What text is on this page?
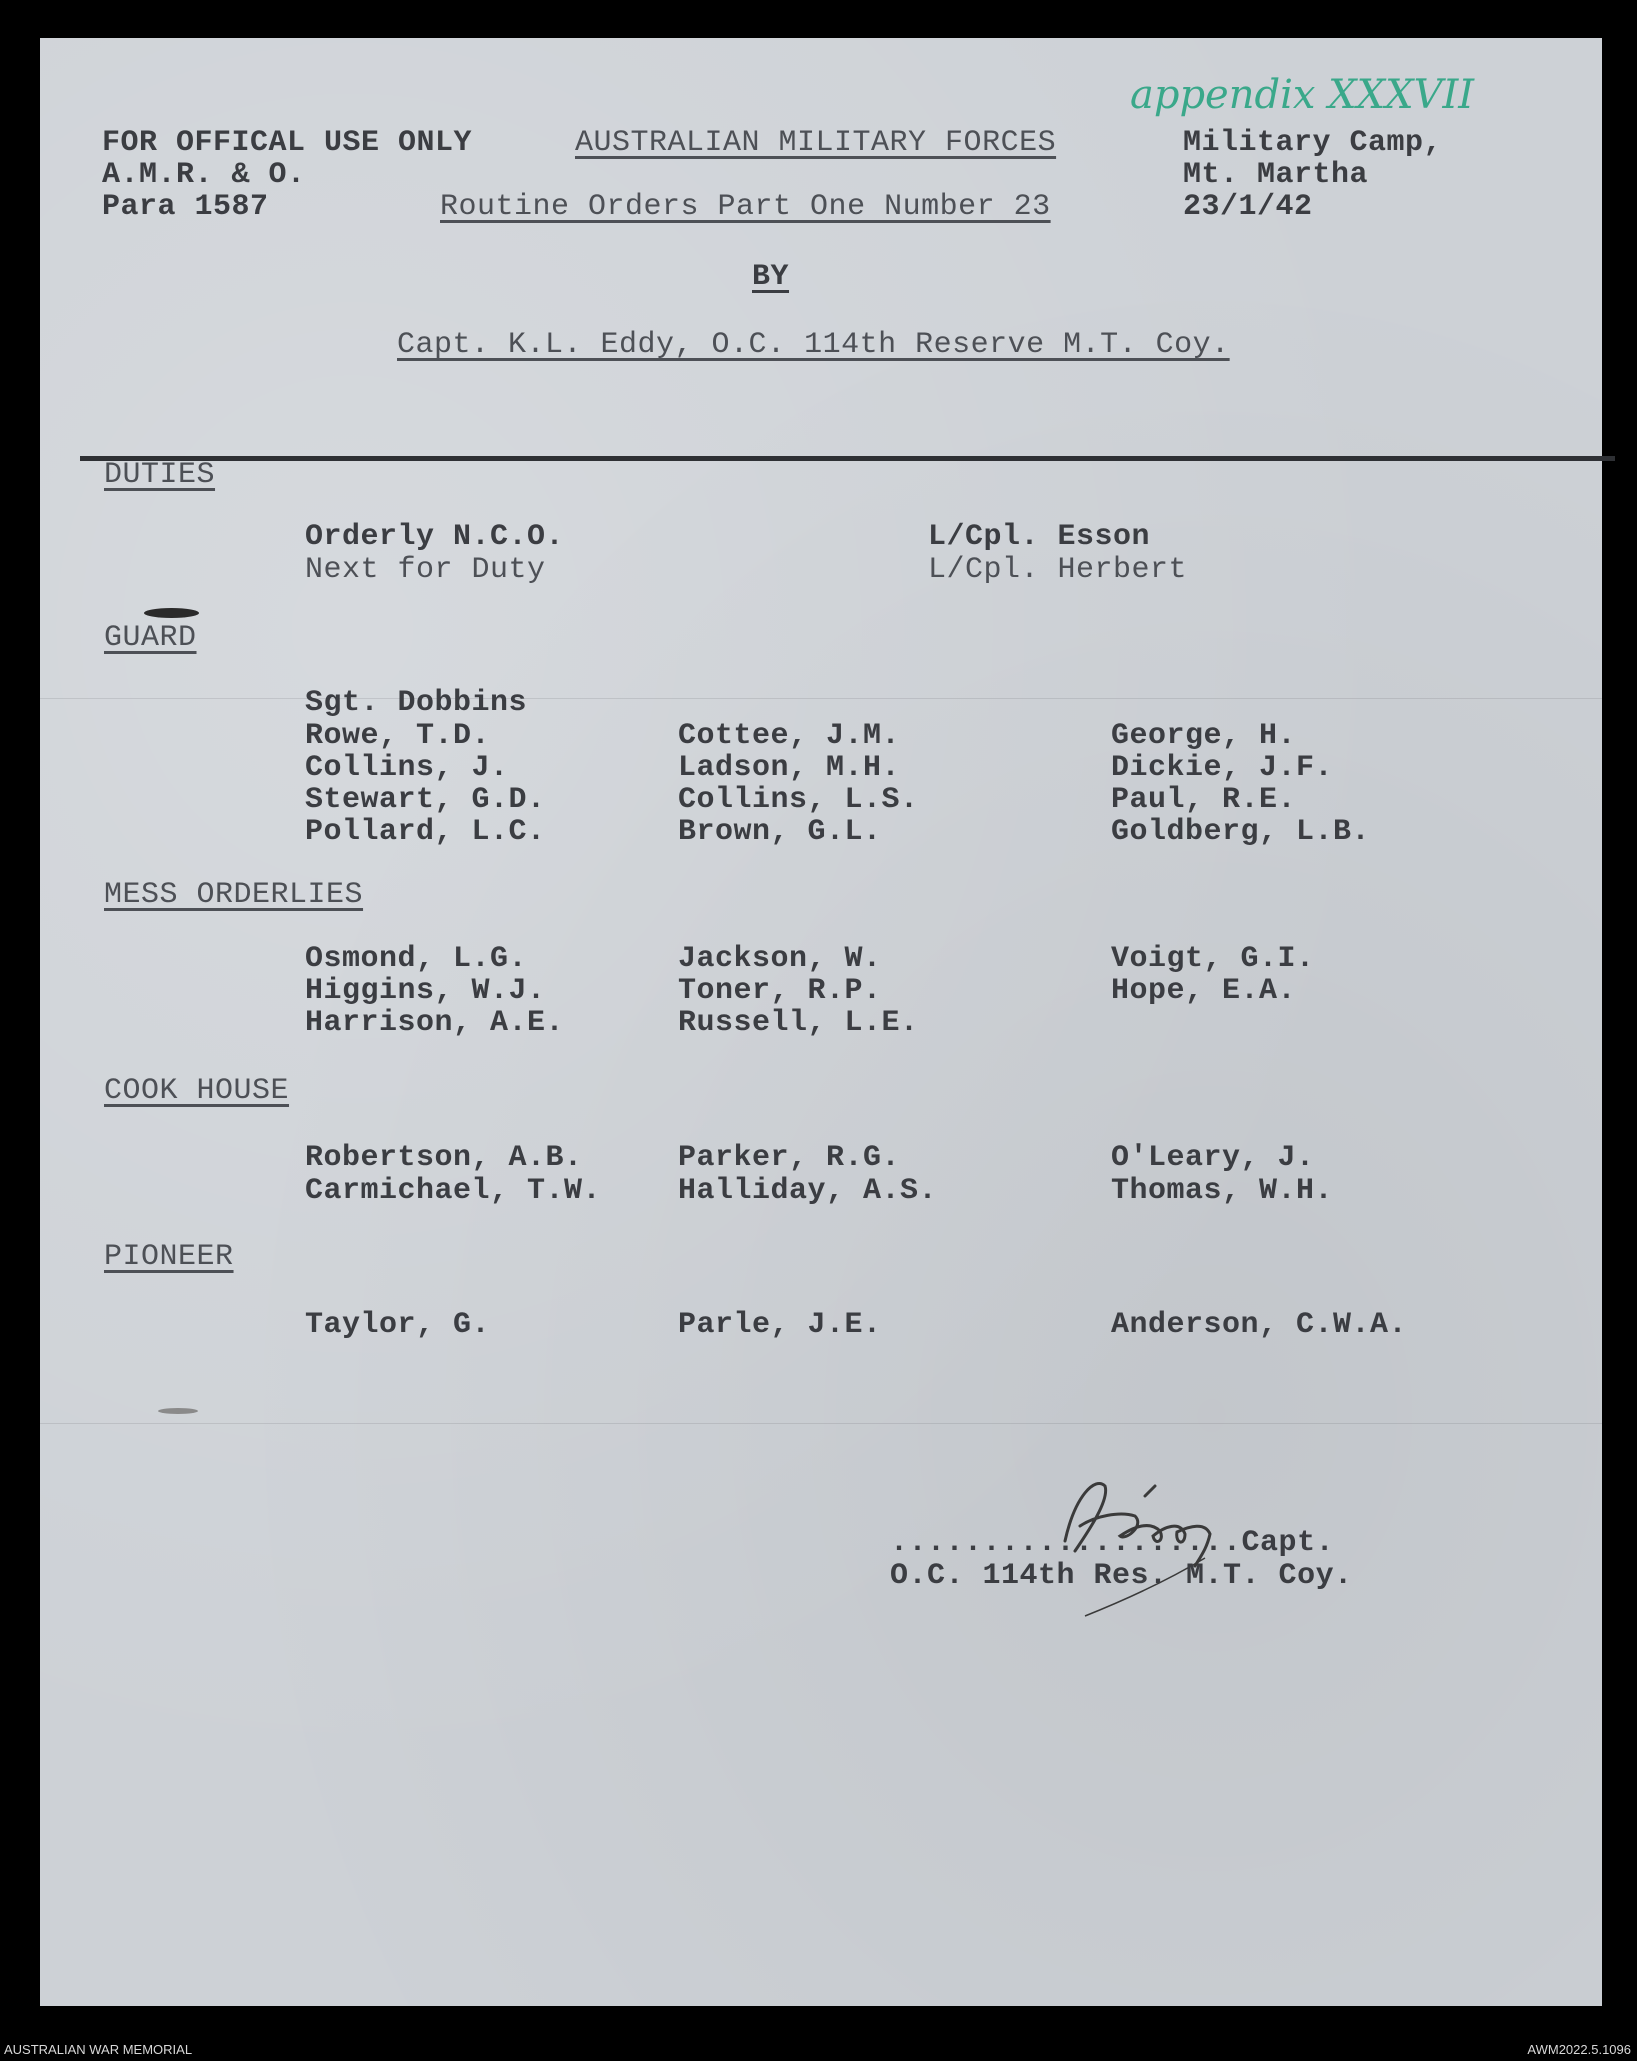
appendix XXXVII
FOR OFFICAL USE ONLY
A.M.R. & O.
Para 1587
AUSTRALIAN MILITARY FORCES
Routine Orders Part One Number 23
Military Camp,
Mt. Martha
23/1/42
BY
Capt. K.L. Eddy, O.C. 114th Reserve M.T. Coy.
DUTIES
Orderly N.C.O.	L/Cpl. Esson
Next for Duty	L/Cpl. Herbert
GUARD
Sgt. Dobbins
Rowe, T.D.	Cottee, J.M.	George, H.
Collins, J.	Ladson, M.H.	Dickie, J.F.
Stewart, G.D.	Collins, L.S.	Paul, R.E.
Pollard, L.C.	Brown, G.L.	Goldberg, L.B.
MESS ORDERLIES
Osmond, L.G.	Jackson, W.	Voigt, G.I.
Higgins, W.J.	Toner, R.P.	Hope, E.A.
Harrison, A.E.	Russell, L.E.
COOK HOUSE
Robertson, A.B.	Parker, R.G.	O'Leary, J.
Carmichael, T.W.	Halliday, A.S.	Thomas, W.H.
PIONEER
Taylor, G.	Parle, J.E.	Anderson, C.W.A.
...................Capt.
O.C. 114th Res. M.T. Coy.
AUSTRALIAN WAR MEMORIAL	AWM2022.5.1096
